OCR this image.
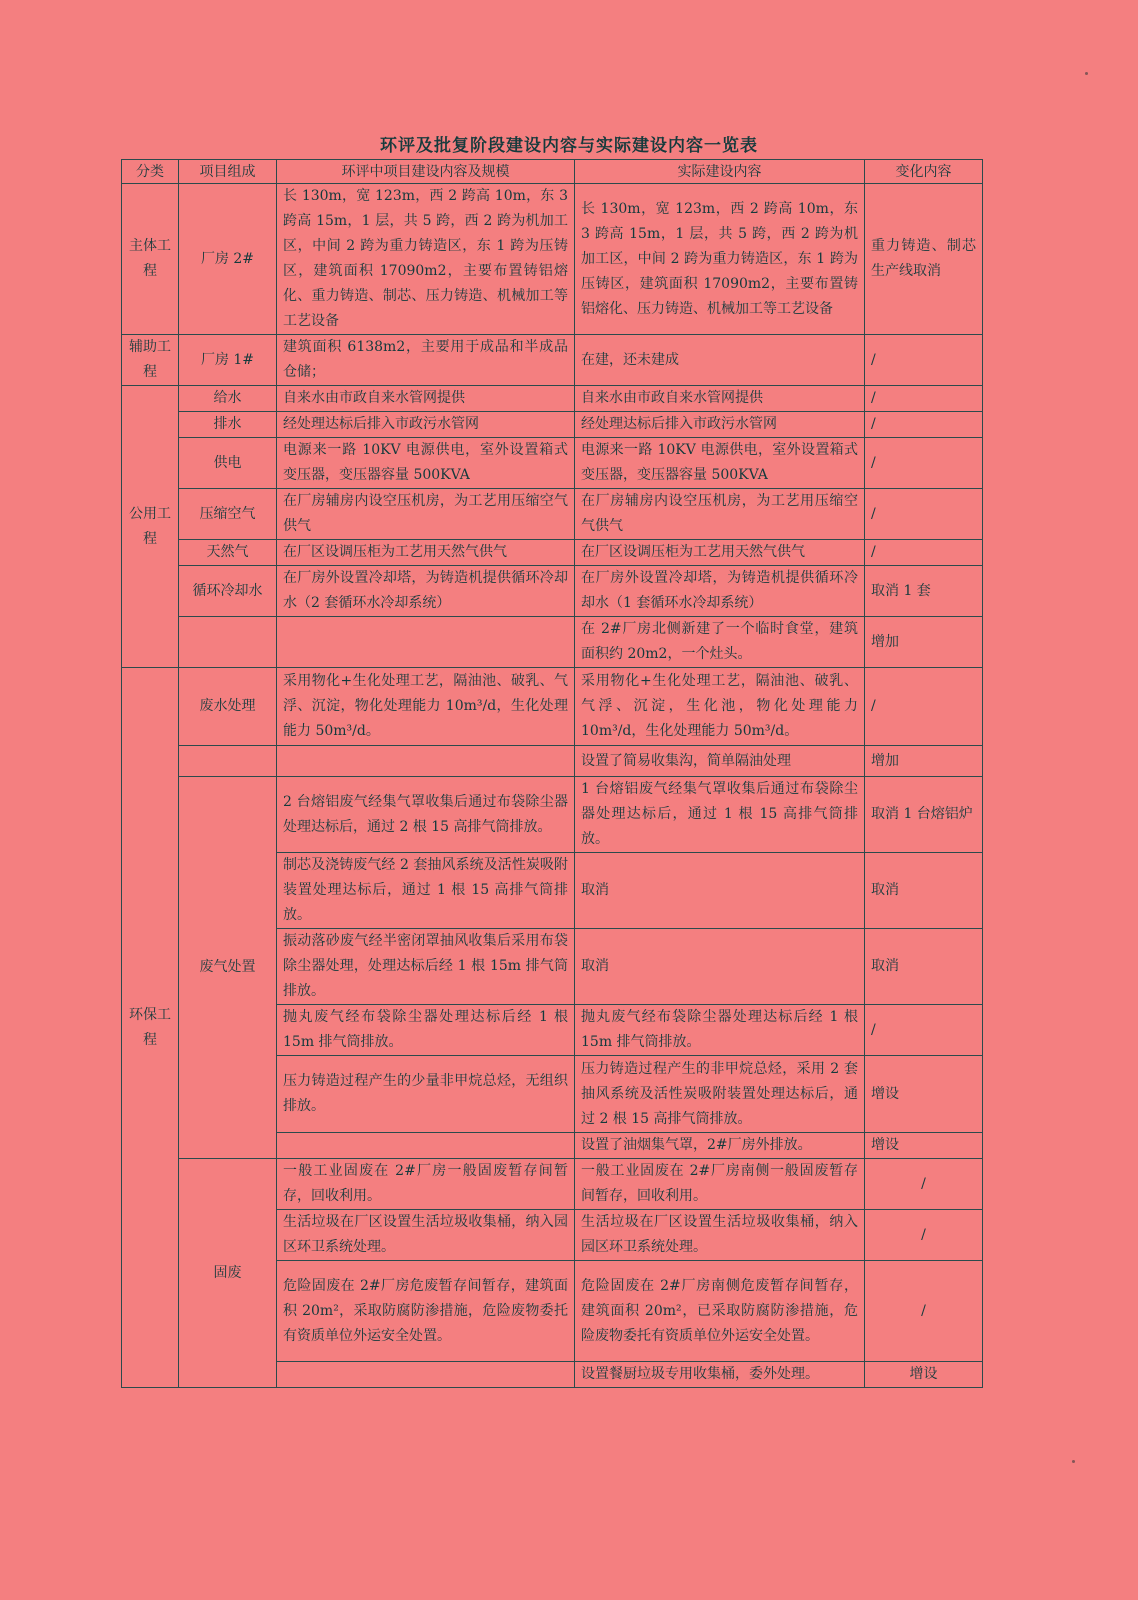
环评及批复阶段建设内容与实际建设内容一览表
分类	项目组成	环评中项目建设内容及规模	实际建设内容	变化内容
主体工程	厂房 2#	长 130m，宽 123m，西 2 跨高 10m，东 3 跨高 15m，1 层，共 5 跨，西 2 跨为机加工区，中间 2 跨为重力铸造区，东 1 跨为压铸区，建筑面积 17090m2，主要布置铸铝熔化、重力铸造、制芯、压力铸造、机械加工等工艺设备	长 130m，宽 123m，西 2 跨高 10m，东 3 跨高 15m，1 层，共 5 跨，西 2 跨为机加工区，中间 2 跨为重力铸造区，东 1 跨为压铸区，建筑面积 17090m2，主要布置铸铝熔化、压力铸造、机械加工等工艺设备	重力铸造、制芯生产线取消
辅助工程	厂房 1#	建筑面积 6138m2，主要用于成品和半成品仓储；	在建，还未建成	/
公用工程	给水	自来水由市政自来水管网提供	自来水由市政自来水管网提供	/
	排水	经处理达标后排入市政污水管网	经处理达标后排入市政污水管网	/
	供电	电源来一路 10KV 电源供电，室外设置箱式变压器，变压器容量 500KVA	电源来一路 10KV 电源供电，室外设置箱式变压器，变压器容量 500KVA	/
	压缩空气	在厂房辅房内设空压机房，为工艺用压缩空气供气	在厂房辅房内设空压机房，为工艺用压缩空气供气	/
	天然气	在厂区设调压柜为工艺用天然气供气	在厂区设调压柜为工艺用天然气供气	/
	循环冷却水	在厂房外设置冷却塔，为铸造机提供循环冷却水（2 套循环水冷却系统）	在厂房外设置冷却塔，为铸造机提供循环冷却水（1 套循环水冷却系统）	取消 1 套
			在 2#厂房北侧新建了一个临时食堂，建筑面积约 20m2，一个灶头。	增加
环保工程	废水处理	采用物化+生化处理工艺，隔油池、破乳、气浮、沉淀，物化处理能力 10m³/d，生化处理能力 50m³/d。	采用物化+生化处理工艺，隔油池、破乳、气浮、沉淀，生化池，物化处理能力 10m³/d，生化处理能力 50m³/d。	/
			设置了简易收集沟，简单隔油处理	增加
	废气处置	2 台熔铝废气经集气罩收集后通过布袋除尘器处理达标后，通过 2 根 15 高排气筒排放。	1 台熔铝废气经集气罩收集后通过布袋除尘器处理达标后，通过 1 根 15 高排气筒排放。	取消 1 台熔铝炉
		制芯及浇铸废气经 2 套抽风系统及活性炭吸附装置处理达标后，通过 1 根 15 高排气筒排放。	取消	取消
		振动落砂废气经半密闭罩抽风收集后采用布袋除尘器处理，处理达标后经 1 根 15m 排气筒排放。	取消	取消
		抛丸废气经布袋除尘器处理达标后经 1 根 15m 排气筒排放。	抛丸废气经布袋除尘器处理达标后经 1 根 15m 排气筒排放。	/
		压力铸造过程产生的少量非甲烷总烃，无组织排放。	压力铸造过程产生的非甲烷总烃，采用 2 套抽风系统及活性炭吸附装置处理达标后，通过 2 根 15 高排气筒排放。	增设
			设置了油烟集气罩，2#厂房外排放。	增设
	固废	一般工业固废在 2#厂房一般固废暂存间暂存，回收利用。	一般工业固废在 2#厂房南侧一般固废暂存间暂存，回收利用。	/
		生活垃圾在厂区设置生活垃圾收集桶，纳入园区环卫系统处理。	生活垃圾在厂区设置生活垃圾收集桶，纳入园区环卫系统处理。	/
		危险固废在 2#厂房危废暂存间暂存，建筑面积 20m²，采取防腐防渗措施，危险废物委托有资质单位外运安全处置。	危险固废在 2#厂房南侧危废暂存间暂存，建筑面积 20m²，已采取防腐防渗措施，危险废物委托有资质单位外运安全处置。	/
			设置餐厨垃圾专用收集桶，委外处理。	增设
